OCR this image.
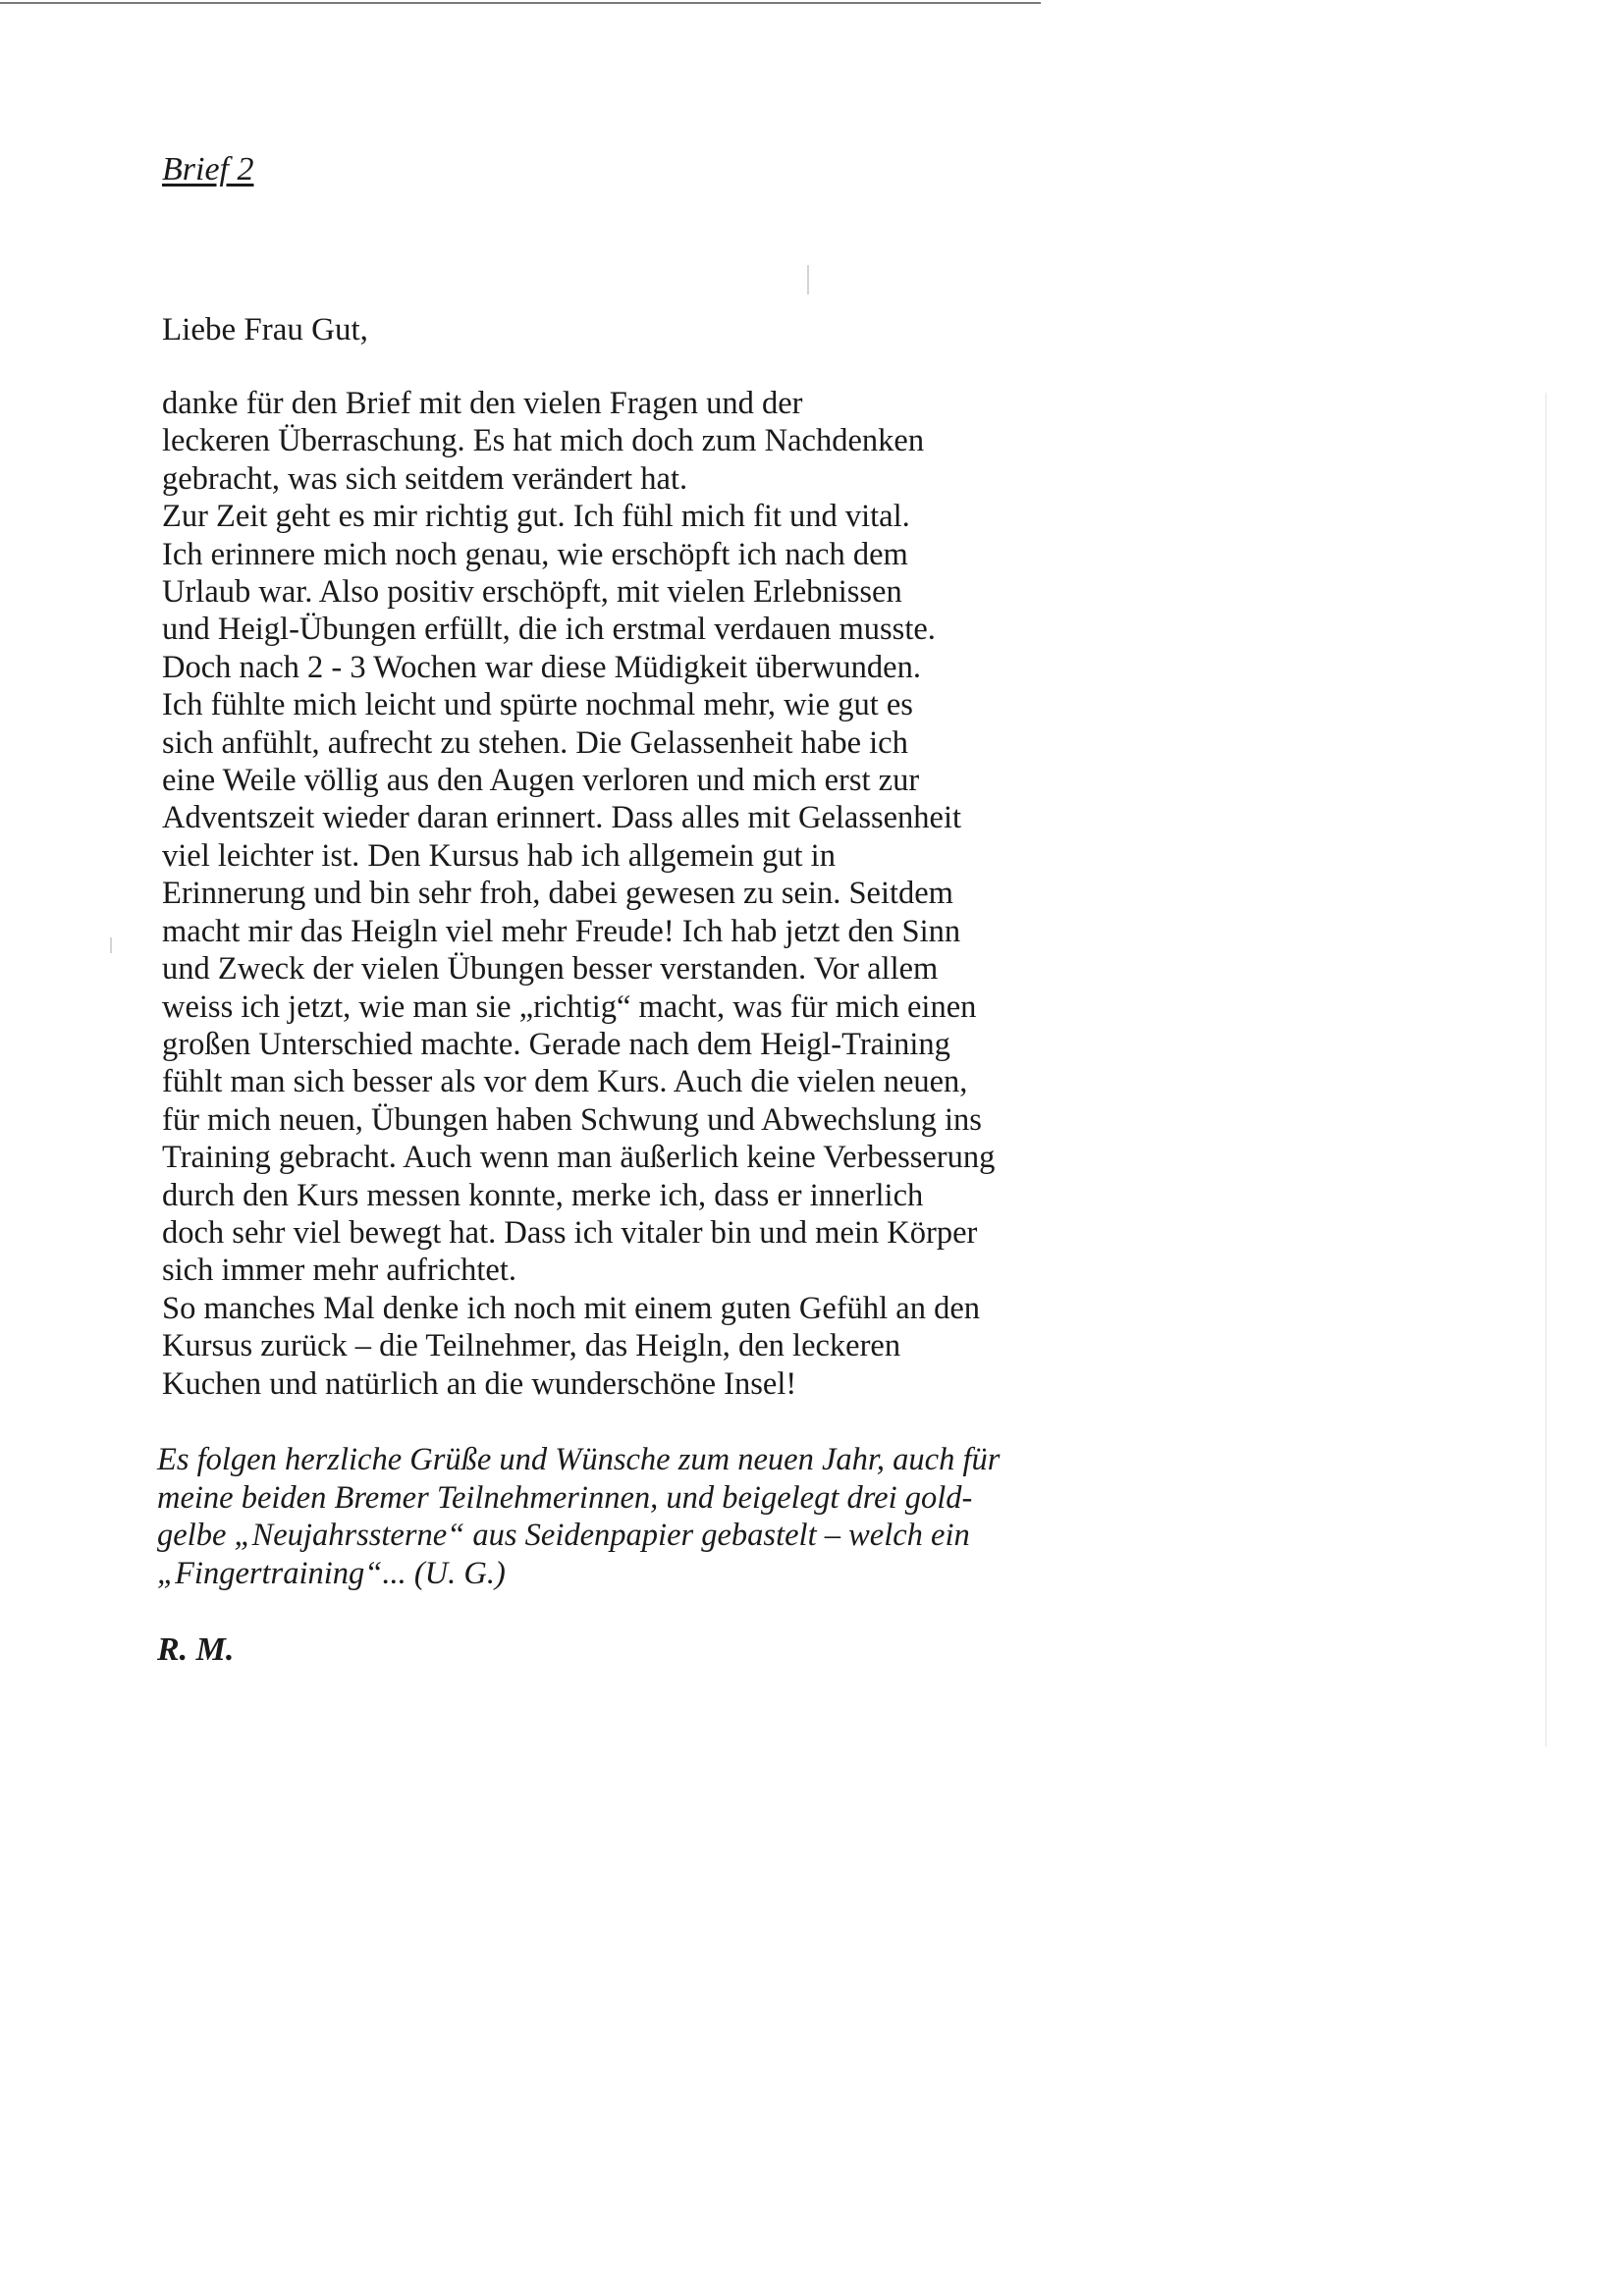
Brief 2

Liebe Frau Gut,

danke für den Brief mit den vielen Fragen und der
leckeren Überraschung. Es hat mich doch zum Nachdenken
gebracht, was sich seitdem verändert hat.
Zur Zeit geht es mir richtig gut. Ich fühl mich fit und vital.
Ich erinnere mich noch genau, wie erschöpft ich nach dem
Urlaub war. Also positiv erschöpft, mit vielen Erlebnissen
und Heigl-Übungen erfüllt, die ich erstmal verdauen musste.
Doch nach 2 - 3 Wochen war diese Müdigkeit überwunden.
Ich fühlte mich leicht und spürte nochmal mehr, wie gut es
sich anfühlt, aufrecht zu stehen. Die Gelassenheit habe ich
eine Weile völlig aus den Augen verloren und mich erst zur
Adventszeit wieder daran erinnert. Dass alles mit Gelassenheit
viel leichter ist. Den Kursus hab ich allgemein gut in
Erinnerung und bin sehr froh, dabei gewesen zu sein. Seitdem
macht mir das Heigln viel mehr Freude! Ich hab jetzt den Sinn
und Zweck der vielen Übungen besser verstanden. Vor allem
weiss ich jetzt, wie man sie „richtig“ macht, was für mich einen
großen Unterschied machte. Gerade nach dem Heigl-Training
fühlt man sich besser als vor dem Kurs. Auch die vielen neuen,
für mich neuen, Übungen haben Schwung und Abwechslung ins
Training gebracht. Auch wenn man äußerlich keine Verbesserung
durch den Kurs messen konnte, merke ich, dass er innerlich
doch sehr viel bewegt hat. Dass ich vitaler bin und mein Körper
sich immer mehr aufrichtet.
So manches Mal denke ich noch mit einem guten Gefühl an den
Kursus zurück – die Teilnehmer, das Heigln, den leckeren
Kuchen und natürlich an die wunderschöne Insel!
Es folgen herzliche Grüße und Wünsche zum neuen Jahr, auch für
meine beiden Bremer Teilnehmerinnen, und beigelegt drei gold-
gelbe „Neujahrssterne“ aus Seidenpapier gebastelt – welch ein
„Fingertraining“... (U. G.)

R. M.
